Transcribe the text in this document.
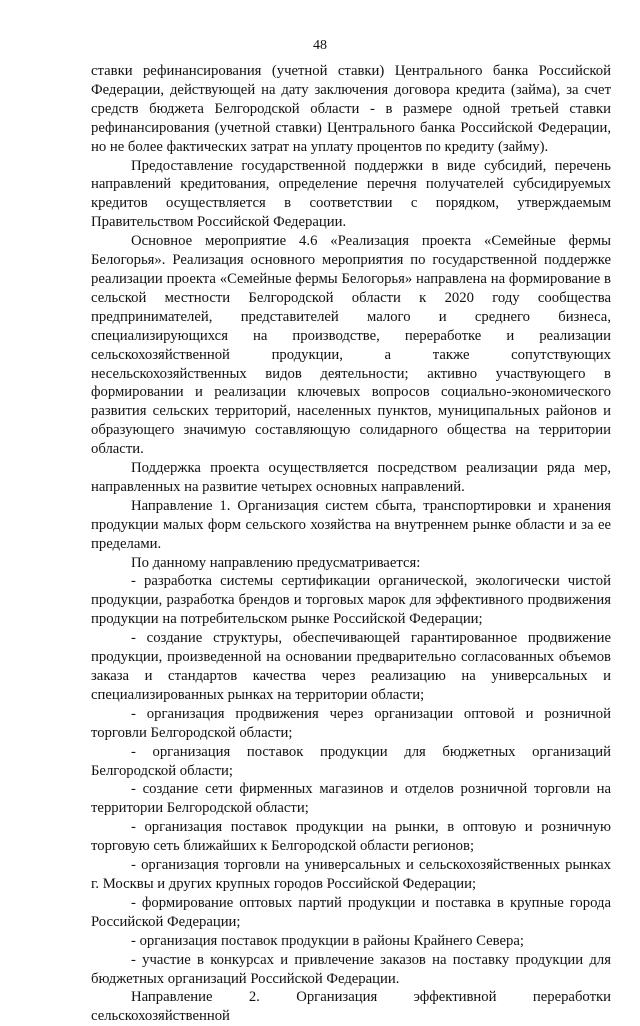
48

ставки рефинансирования (учетной ставки) Центрального банка Российской Федерации, действующей на дату заключения договора кредита (займа), за счет средств бюджета Белгородской области - в размере одной третьей ставки рефинансирования (учетной ставки) Центрального банка Российской Федерации, но не более фактических затрат на уплату процентов по кредиту (займу).

Предоставление государственной поддержки в виде субсидий, перечень направлений кредитования, определение перечня получателей субсидируемых кредитов осуществляется в соответствии с порядком, утверждаемым Правительством Российской Федерации.

Основное мероприятие 4.6 «Реализация проекта «Семейные фермы Белогорья». Реализация основного мероприятия по государственной поддержке реализации проекта «Семейные фермы Белогорья» направлена на формирование в сельской местности Белгородской области к 2020 году сообщества предпринимателей, представителей малого и среднего бизнеса, специализирующихся на производстве, переработке и реализации сельскохозяйственной продукции, а также сопутствующих несельскохозяйственных видов деятельности; активно участвующего в формировании и реализации ключевых вопросов социально-экономического развития сельских территорий, населенных пунктов, муниципальных районов и образующего значимую составляющую солидарного общества на территории области.

Поддержка проекта осуществляется посредством реализации ряда мер, направленных на развитие четырех основных направлений.

Направление 1. Организация систем сбыта, транспортировки и хранения продукции малых форм сельского хозяйства на внутреннем рынке области и за ее пределами.

По данному направлению предусматривается:

- разработка системы сертификации органической, экологически чистой продукции, разработка брендов и торговых марок для эффективного продвижения продукции на потребительском рынке Российской Федерации;

- создание структуры, обеспечивающей гарантированное продвижение продукции, произведенной на основании предварительно согласованных объемов заказа и стандартов качества через реализацию на универсальных и специализированных рынках на территории области;

- организация продвижения через организации оптовой и розничной торговли Белгородской области;

- организация поставок продукции для бюджетных организаций Белгородской области;

- создание сети фирменных магазинов и отделов розничной торговли на территории Белгородской области;

- организация поставок продукции на рынки, в оптовую и розничную торговую сеть ближайших к Белгородской области регионов;

- организация торговли на универсальных и сельскохозяйственных рынках г. Москвы и других крупных городов Российской Федерации;

- формирование оптовых партий продукции и поставка в крупные города Российской Федерации;

- организация поставок продукции в районы Крайнего Севера;

- участие в конкурсах и привлечение заказов на поставку продукции для бюджетных организаций Российской Федерации.

Направление 2. Организация эффективной переработки сельскохозяйственной
